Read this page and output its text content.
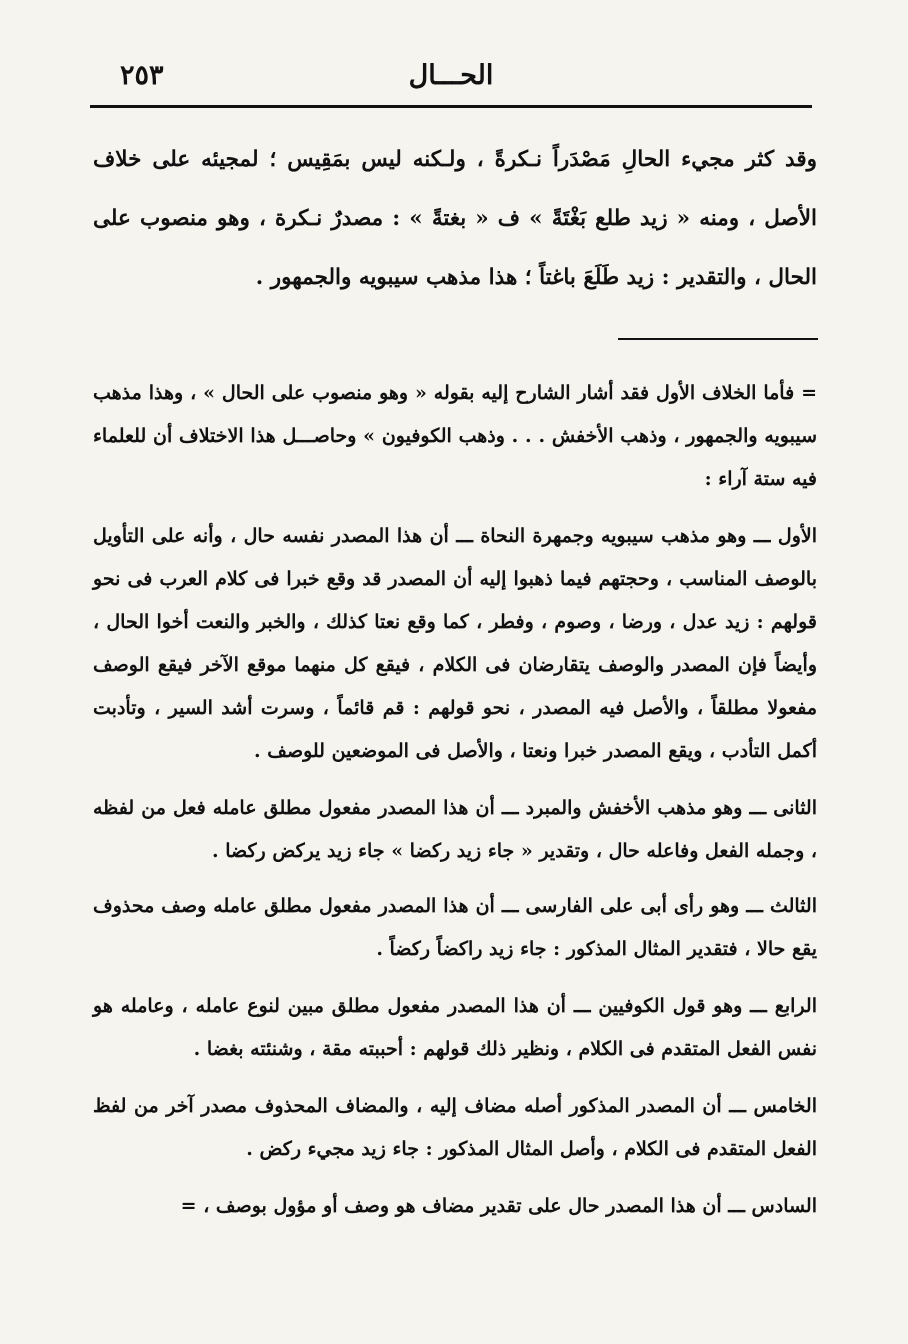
الحـــال
٢٥٣
وقد كثر مجيء الحالِ مَصْدَراً نـكرةً ، ولـكنه ليس بمَقِيس ؛ لمجيئه على خلاف الأصل ، ومنه « زيد طلع بَغْتَةً » ف « بغتةً » : مصدرٌ نـكرة ، وهو منصوب على الحال ، والتقدير : زيد طَلَعَ باغتاً ؛ هذا مذهب سيبويه والجمهور .

= فأما الخلاف الأول فقد أشار الشارح إليه بقوله « وهو منصوب على الحال » ، وهذا مذهب سيبويه والجمهور ، وذهب الأخفش . . . وذهب الكوفيون » وحاصـــل هذا الاختلاف أن للعلماء فيه ستة آراء :

الأول ـــ وهو مذهب سيبويه وجمهرة النحاة ـــ أن هذا المصدر نفسه حال ، وأنه على التأويل بالوصف المناسب ، وحجتهم فيما ذهبوا إليه أن المصدر قد وقع خبرا فى كلام العرب فى نحو قولهم : زيد عدل ، ورضا ، وصوم ، وفطر ، كما وقع نعتا كذلك ، والخبر والنعت أخوا الحال ، وأيضاً فإن المصدر والوصف يتقارضان فى الكلام ، فيقع كل منهما موقع الآخر فيقع الوصف مفعولا مطلقاً ، والأصل فيه المصدر ، نحو قولهم : قم قائماً ، وسرت أشد السير ، وتأدبت أكمل التأدب ، ويقع المصدر خبرا ونعتا ، والأصل فى الموضعين للوصف .

الثانى ـــ وهو مذهب الأخفش والمبرد ـــ أن هذا المصدر مفعول مطلق عامله فعل من لفظه ، وجمله الفعل وفاعله حال ، وتقدير « جاء زيد ركضا » جاء زيد يركض ركضا .

الثالث ـــ وهو رأى أبى على الفارسى ـــ أن هذا المصدر مفعول مطلق عامله وصف محذوف يقع حالا ، فتقدير المثال المذكور : جاء زيد راكضاً ركضاً .

الرابع ـــ وهو قول الكوفيين ـــ أن هذا المصدر مفعول مطلق مبين لنوع عامله ، وعامله هو نفس الفعل المتقدم فى الكلام ، ونظير ذلك قولهم : أحببته مقة ، وشنئته بغضا .

الخامس ـــ أن المصدر المذكور أصله مضاف إليه ، والمضاف المحذوف مصدر آخر من لفظ الفعل المتقدم فى الكلام ، وأصل المثال المذكور : جاء زيد مجيء ركض .

السادس ـــ أن هذا المصدر حال على تقدير مضاف هو وصف أو مؤول بوصف ، =
